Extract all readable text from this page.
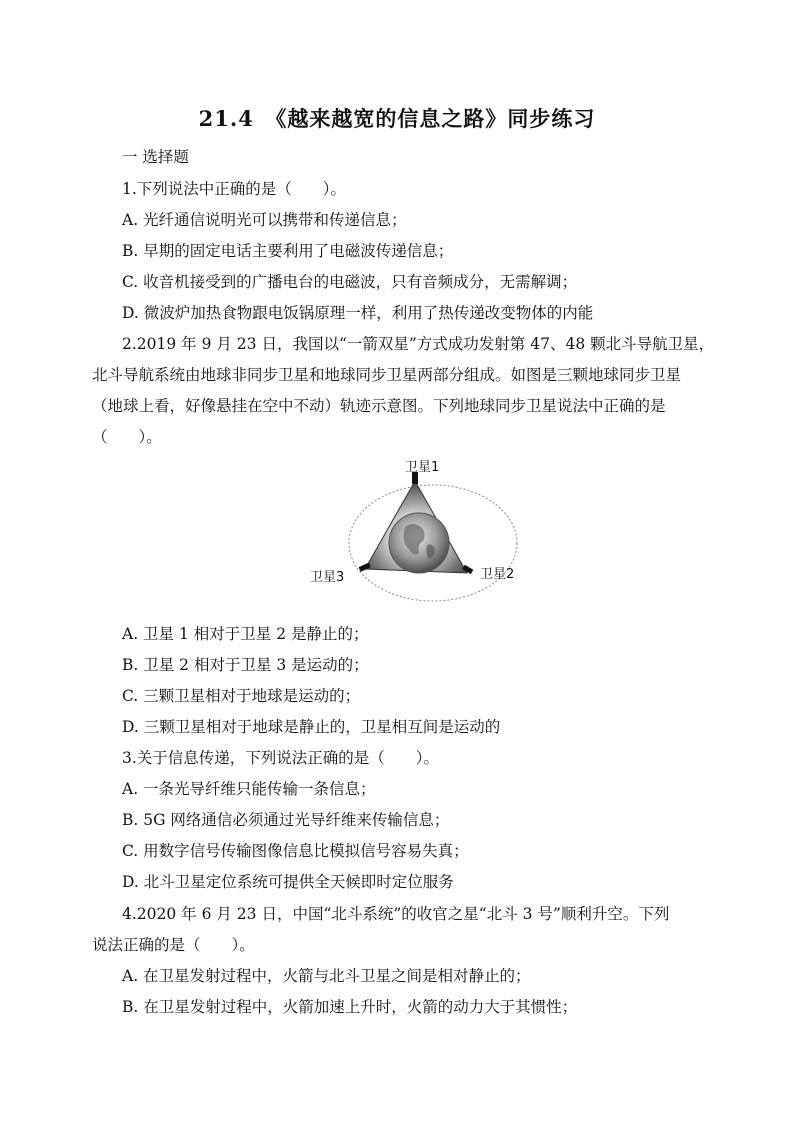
21.4　《越来越宽的信息之路》同步练习
一 选择题
1.下列说法中正确的是（　　）。
A. 光纤通信说明光可以携带和传递信息；
B. 早期的固定电话主要利用了电磁波传递信息；
C. 收音机接受到的广播电台的电磁波，只有音频成分，无需解调；
D. 微波炉加热食物跟电饭锅原理一样，利用了热传递改变物体的内能
2.2019 年 9 月 23 日，我国以“一箭双星”方式成功发射第 47、48 颗北斗导航卫星，
北斗导航系统由地球非同步卫星和地球同步卫星两部分组成。如图是三颗地球同步卫星
（地球上看，好像悬挂在空中不动）轨迹示意图。下列地球同步卫星说法中正确的是
（　　）。
卫星1
卫星2
卫星3
A. 卫星 1 相对于卫星 2 是静止的；
B. 卫星 2 相对于卫星 3 是运动的；
C. 三颗卫星相对于地球是运动的；
D. 三颗卫星相对于地球是静止的，卫星相互间是运动的
3.关于信息传递，下列说法正确的是（　　）。
A. 一条光导纤维只能传输一条信息；
B. 5G 网络通信必须通过光导纤维来传输信息；
C. 用数字信号传输图像信息比模拟信号容易失真；
D. 北斗卫星定位系统可提供全天候即时定位服务
4.2020 年 6 月 23 日，中国“北斗系统”的收官之星“北斗 3 号”顺利升空。下列
说法正确的是（　　）。
A. 在卫星发射过程中，火箭与北斗卫星之间是相对静止的；
B. 在卫星发射过程中，火箭加速上升时，火箭的动力大于其惯性；
